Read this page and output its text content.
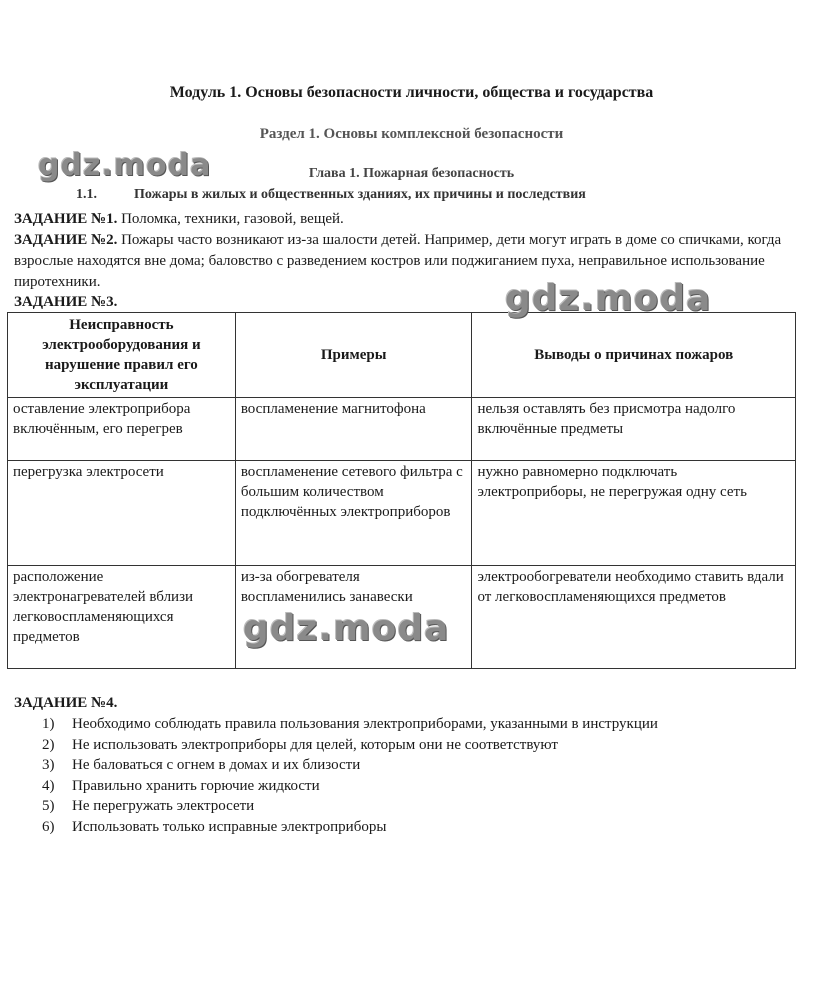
Модуль 1. Основы безопасности личности, общества и государства
Раздел 1. Основы комплексной безопасности
Глава 1. Пожарная безопасность
1.1.	Пожары в жилых и общественных зданиях, их причины и последствия
ЗАДАНИЕ №1. Поломка, техники, газовой, вещей.
ЗАДАНИЕ №2. Пожары часто возникают из-за шалости детей. Например, дети могут играть в доме со спичками, когда взрослые находятся вне дома; баловство с разведением костров или поджиганием пуха, неправильное использование пиротехники.
ЗАДАНИЕ №3.
Неисправность электрооборудования и нарушение правил его эксплуатации	Примеры	Выводы о причинах пожаров
оставление электроприбора включённым, его перегрев	воспламенение магнитофона	нельзя оставлять без присмотра надолго включённые предметы
перегрузка электросети	воспламенение сетевого фильтра с большим количеством подключённых электроприборов	нужно равномерно подключать электроприборы, не перегружая одну сеть
расположение электронагревателей вблизи легковоспламеняющихся предметов	из-за обогревателя воспламенились занавески	электрообогреватели необходимо ставить вдали от легковоспламеняющихся предметов
ЗАДАНИЕ №4.
1) Необходимо соблюдать правила пользования электроприборами, указанными в инструкции
2) Не использовать электроприборы для целей, которым они не соответствуют
3) Не баловаться с огнем в домах и их близости
4) Правильно хранить горючие жидкости
5) Не перегружать электросети
6) Использовать только исправные электроприборы
gdz.moda
gdz.moda
gdz.moda
